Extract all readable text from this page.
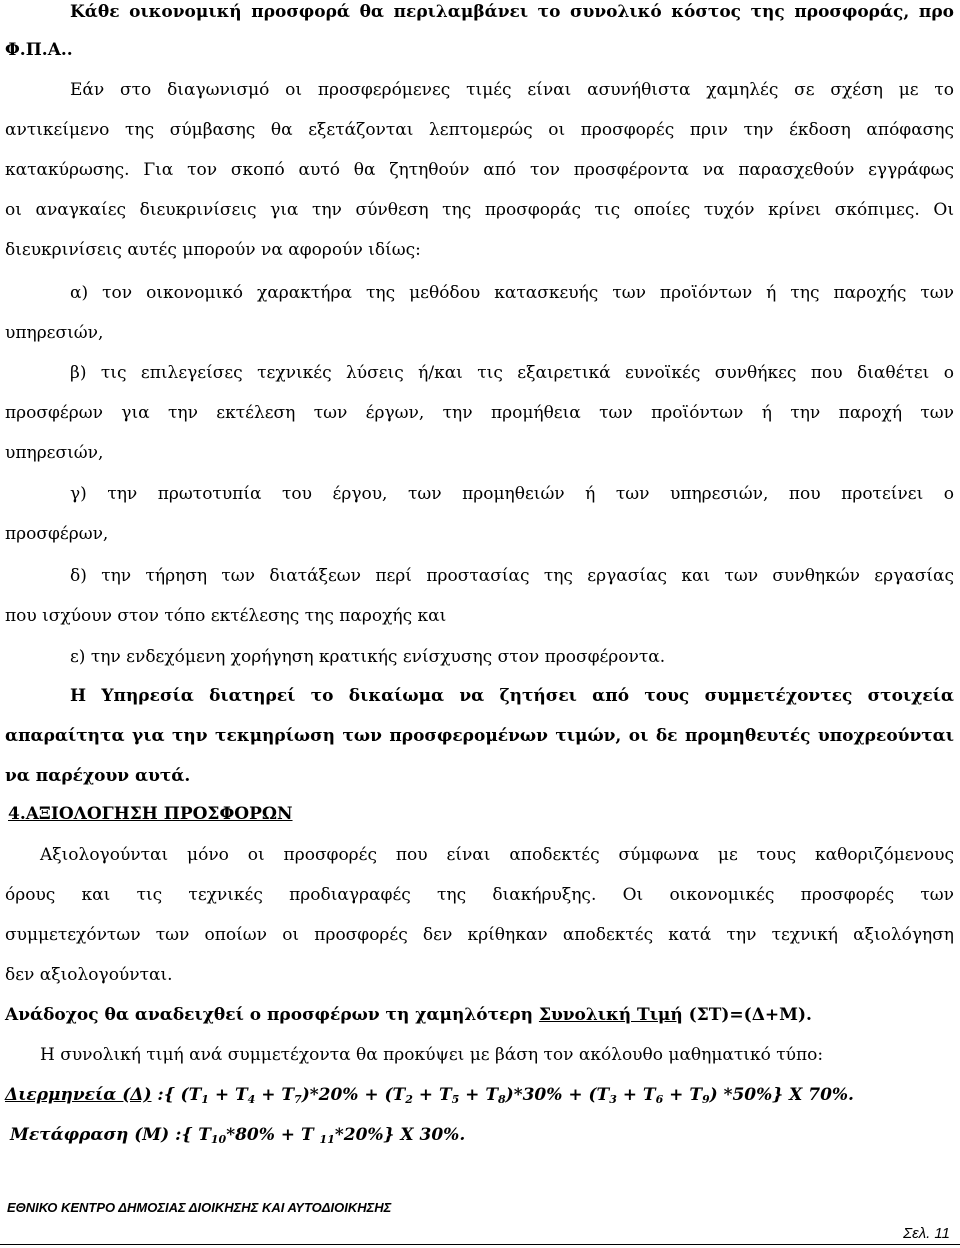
Κάθε οικονομική προσφορά θα περιλαμβάνει το συνολικό κόστος της προσφοράς, προ
Φ.Π.Α..
Εάν στο διαγωνισμό οι προσφερόμενες τιμές είναι ασυνήθιστα χαμηλές σε σχέση με το
αντικείμενο της σύμβασης θα εξετάζονται λεπτομερώς οι προσφορές πριν την έκδοση απόφασης
κατακύρωσης. Για τον σκοπό αυτό θα ζητηθούν από τον προσφέροντα να παρασχεθούν εγγράφως
οι αναγκαίες διευκρινίσεις για την σύνθεση της προσφοράς τις οποίες τυχόν κρίνει σκόπιμες. Οι
διευκρινίσεις αυτές μπορούν να αφορούν ιδίως:
α) τον οικονομικό χαρακτήρα της μεθόδου κατασκευής των προϊόντων ή της παροχής των
υπηρεσιών,
β) τις επιλεγείσες τεχνικές λύσεις ή/και τις εξαιρετικά ευνοϊκές συνθήκες που διαθέτει ο
προσφέρων για την εκτέλεση των έργων, την προμήθεια των προϊόντων ή την παροχή των
υπηρεσιών,
γ) την πρωτοτυπία του έργου, των προμηθειών ή των υπηρεσιών, που προτείνει ο
προσφέρων,
δ) την τήρηση των διατάξεων περί προστασίας της εργασίας και των συνθηκών εργασίας
που ισχύουν στον τόπο εκτέλεσης της παροχής και
ε) την ενδεχόμενη χορήγηση κρατικής ενίσχυσης στον προσφέροντα.
Η Υπηρεσία διατηρεί το δικαίωμα να ζητήσει από τους συμμετέχοντες στοιχεία
απαραίτητα για την τεκμηρίωση των προσφερομένων τιμών, οι δε προμηθευτές υποχρεούνται
να παρέχουν αυτά.
4.ΑΞΙΟΛΟΓΗΣΗ ΠΡΟΣΦΟΡΩΝ
Αξιολογούνται μόνο οι προσφορές που είναι αποδεκτές σύμφωνα με τους καθοριζόμενους
όρους και τις τεχνικές προδιαγραφές της διακήρυξης. Οι οικονομικές προσφορές των
συμμετεχόντων των οποίων οι προσφορές δεν κρίθηκαν αποδεκτές κατά την τεχνική αξιολόγηση
δεν αξιολογούνται.
Ανάδοχος θα αναδειχθεί ο προσφέρων τη χαμηλότερη Συνολική Τιμή (ΣΤ)=(Δ+Μ).
Η συνολική τιμή ανά συμμετέχοντα θα προκύψει με βάση τον ακόλουθο μαθηματικό τύπο:
Διερμηνεία (Δ) :{ $(T_1 + T_4 + T_7)*20\% + (T_2 + T_5 + T_8)*30\% + (T_3 + T_6 + T_9)$ *50%} X 70%.
Μετάφραση (Μ) :{ $T_{10}*80\% + T$ $_{11}$*20%} X 30%.
ΕΘΝΙΚΟ ΚΕΝΤΡΟ ΔΗΜΟΣΙΑΣ ΔΙΟΙΚΗΣΗΣ ΚΑΙ ΑΥΤΟΔΙΟΙΚΗΣΗΣ
Σελ. 11
